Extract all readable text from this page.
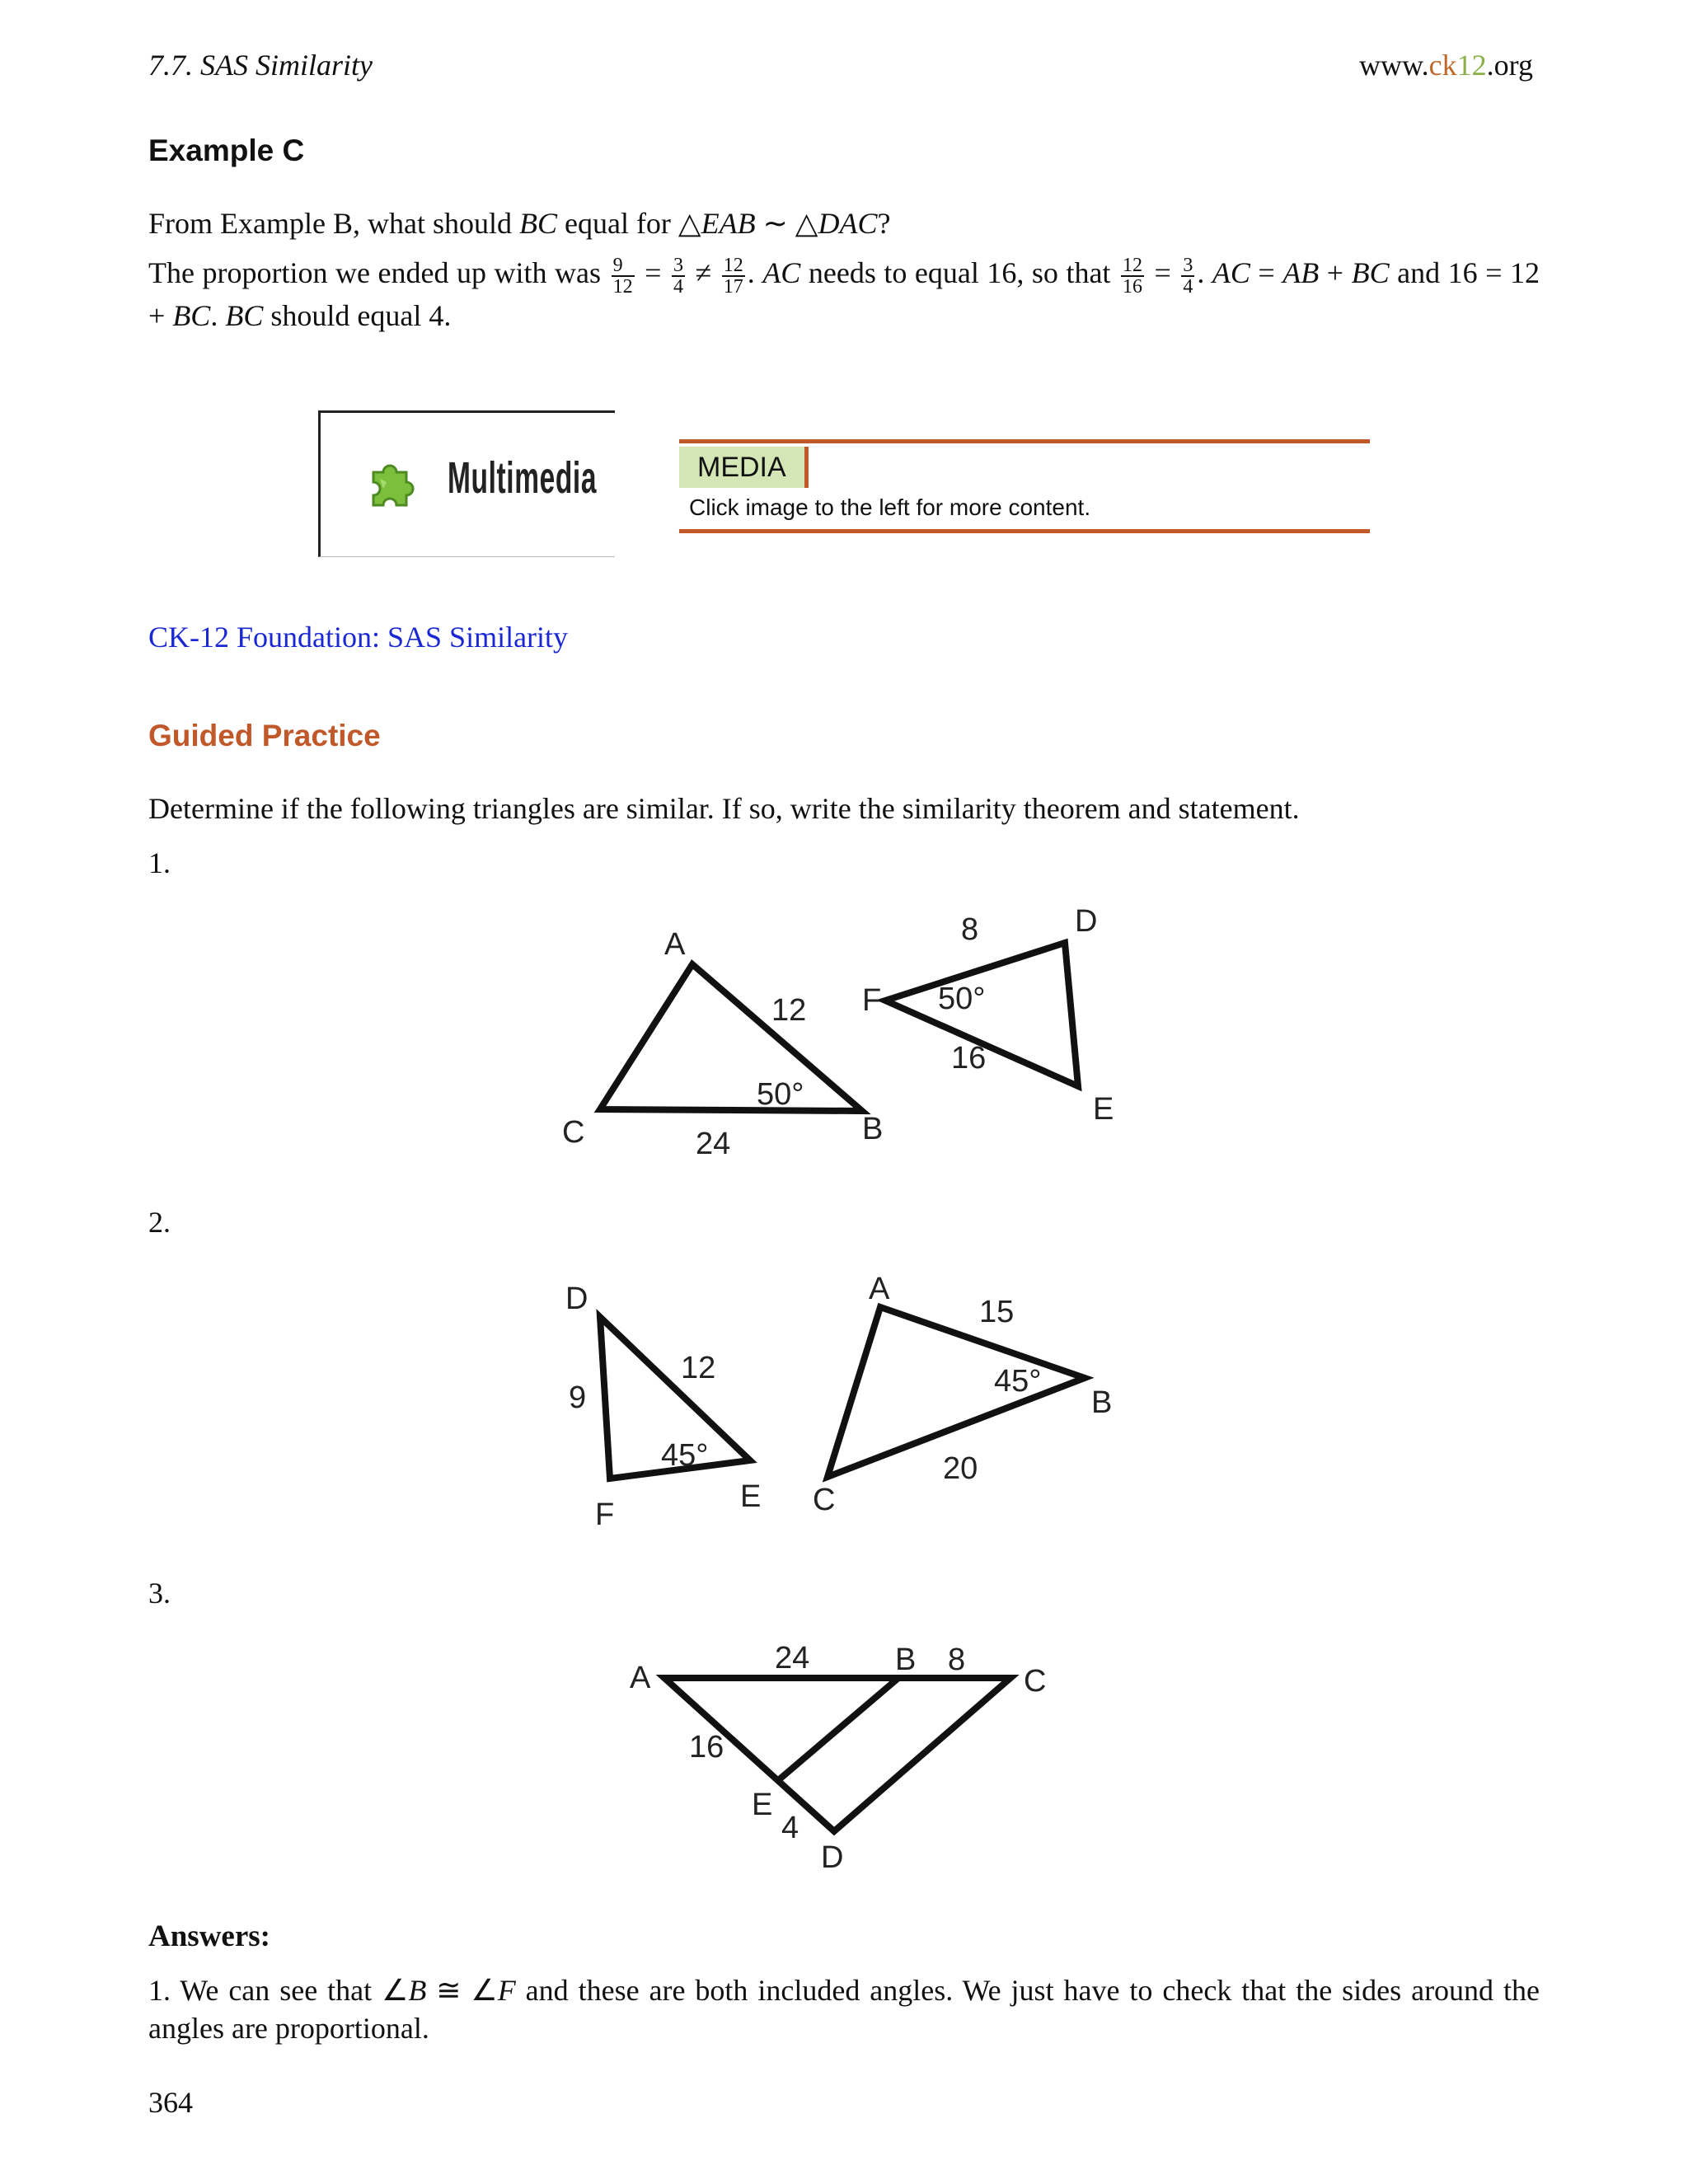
7.7. SAS Similarity	www.ck12.org
Example C
From Example B, what should BC equal for △EAB ∼ △DAC?
The proportion we ended up with was $\frac{9}{12} = \frac{3}{4} \ne \frac{12}{17}$ . AC needs to equal 16, so that $\frac{12}{16} = \frac{3}{4}$ . AC = AB + BC and 16 = 12 + BC. BC should equal 4.
Multimedia	MEDIA
Click image to the left for more content.
CK-12 Foundation: SAS Similarity
Guided Practice
Determine if the following triangles are similar. If so, write the similarity theorem and statement.
1.
A
B
C
D
E
F
12
24
50°
8
16
50°
2.
D
E
F
A
B
C
9
12
45°
15
45°
20
3.
A
B
C
D
E
24	8
16
4
Answers:
1. We can see that ∠B ≅ ∠F and these are both included angles. We just have to check that the sides around the angles are proportional.
364
